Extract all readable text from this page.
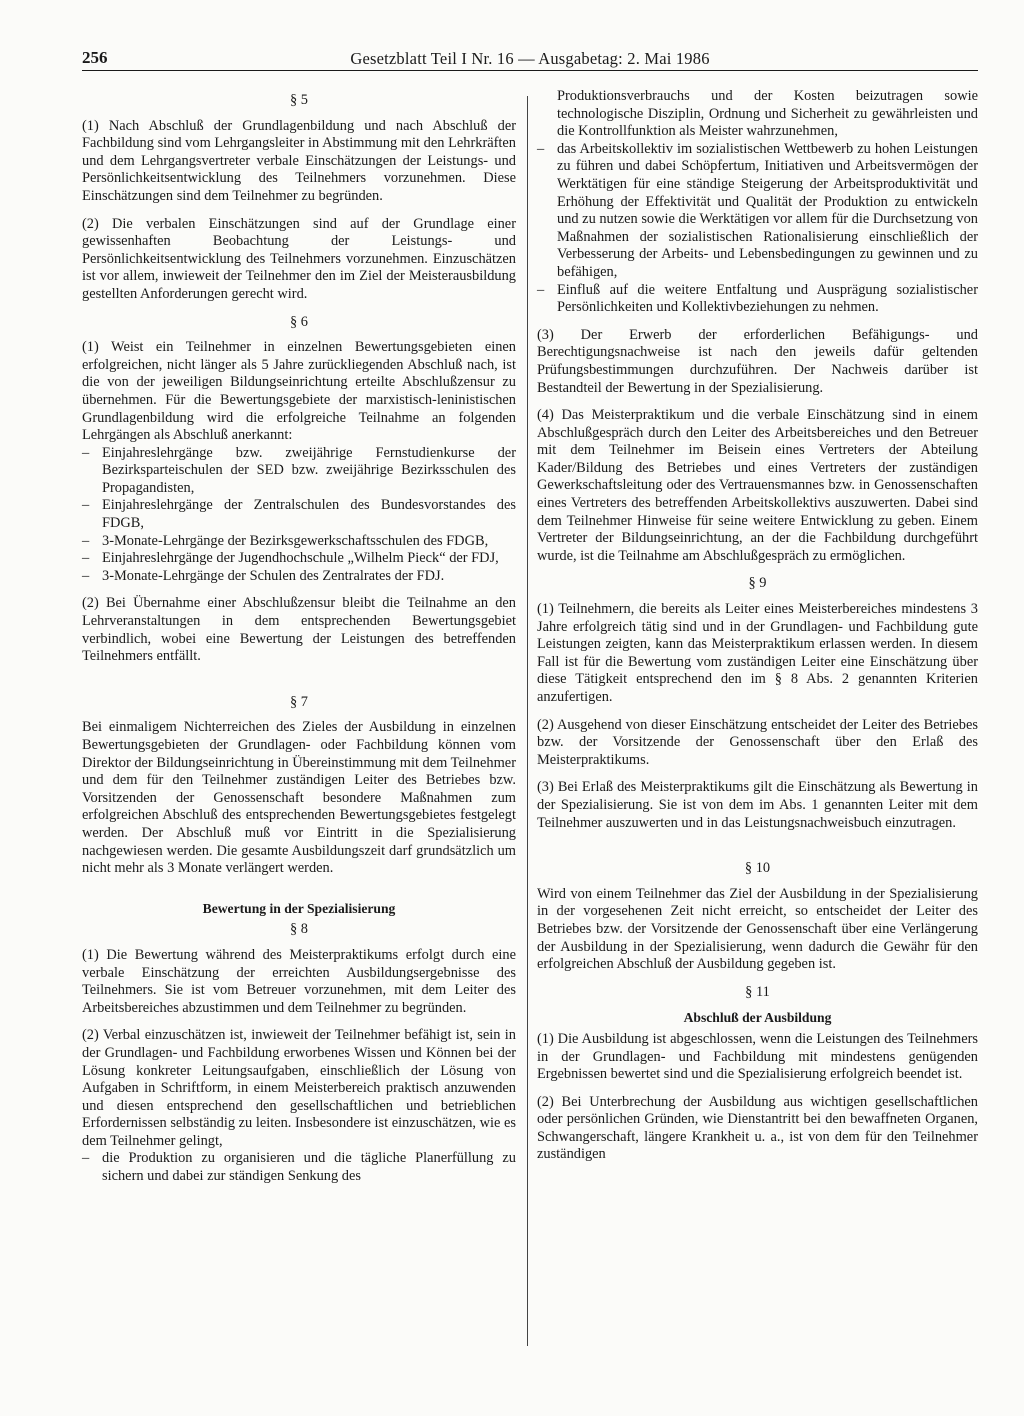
256	Gesetzblatt Teil I Nr. 16 — Ausgabetag: 2. Mai 1986
§ 5

(1) Nach Abschluß der Grundlagenbildung und nach Abschluß der Fachbildung sind vom Lehrgangsleiter in Abstimmung mit den Lehrkräften und dem Lehrgangsvertreter verbale Einschätzungen der Leistungs- und Persönlichkeitsentwicklung des Teilnehmers vorzunehmen. Diese Einschätzungen sind dem Teilnehmer zu begründen.

(2) Die verbalen Einschätzungen sind auf der Grundlage einer gewissenhaften Beobachtung der Leistungs- und Persönlichkeitsentwicklung des Teilnehmers vorzunehmen. Einzuschätzen ist vor allem, inwieweit der Teilnehmer den im Ziel der Meisterausbildung gestellten Anforderungen gerecht wird.

§ 6

(1) Weist ein Teilnehmer in einzelnen Bewertungsgebieten einen erfolgreichen, nicht länger als 5 Jahre zurückliegenden Abschluß nach, ist die von der jeweiligen Bildungseinrichtung erteilte Abschlußzensur zu übernehmen. Für die Bewertungsgebiete der marxistisch-leninistischen Grundlagenbildung wird die erfolgreiche Teilnahme an folgenden Lehrgängen als Abschluß anerkannt:

– Einjahreslehrgänge bzw. zweijährige Fernstudienkurse der Bezirksparteischulen der SED bzw. zweijährige Bezirksschulen des Propagandisten,
– Einjahreslehrgänge der Zentralschulen des Bundesvorstandes des FDGB,
– 3-Monate-Lehrgänge der Bezirksgewerkschaftsschulen des FDGB,
– Einjahreslehrgänge der Jugendhochschule „Wilhelm Pieck“ der FDJ,
– 3-Monate-Lehrgänge der Schulen des Zentralrates der FDJ.

(2) Bei Übernahme einer Abschlußzensur bleibt die Teilnahme an den Lehrveranstaltungen in dem entsprechenden Bewertungsgebiet verbindlich, wobei eine Bewertung der Leistungen des betreffenden Teilnehmers entfällt.

§ 7

Bei einmaligem Nichterreichen des Zieles der Ausbildung in einzelnen Bewertungsgebieten der Grundlagen- oder Fachbildung können vom Direktor der Bildungseinrichtung in Übereinstimmung mit dem Teilnehmer und dem für den Teilnehmer zuständigen Leiter des Betriebes bzw. Vorsitzenden der Genossenschaft besondere Maßnahmen zum erfolgreichen Abschluß des entsprechenden Bewertungsgebietes festgelegt werden. Der Abschluß muß vor Eintritt in die Spezialisierung nachgewiesen werden. Die gesamte Ausbildungszeit darf grundsätzlich um nicht mehr als 3 Monate verlängert werden.

Bewertung in der Spezialisierung
§ 8

(1) Die Bewertung während des Meisterpraktikums erfolgt durch eine verbale Einschätzung der erreichten Ausbildungsergebnisse des Teilnehmers. Sie ist vom Betreuer vorzunehmen, mit dem Leiter des Arbeitsbereiches abzustimmen und dem Teilnehmer zu begründen.

(2) Verbal einzuschätzen ist, inwieweit der Teilnehmer befähigt ist, sein in der Grundlagen- und Fachbildung erworbenes Wissen und Können bei der Lösung konkreter Leitungsaufgaben, einschließlich der Lösung von Aufgaben in Schriftform, in einem Meisterbereich praktisch anzuwenden und diesen entsprechend den gesellschaftlichen und betrieblichen Erfordernissen selbständig zu leiten. Insbesondere ist einzuschätzen, wie es dem Teilnehmer gelingt,

– die Produktion zu organisieren und die tägliche Planerfüllung zu sichern und dabei zur ständigen Senkung des

Produktionsverbrauchs und der Kosten beizutragen sowie technologische Disziplin, Ordnung und Sicherheit zu gewährleisten und die Kontrollfunktion als Meister wahrzunehmen,

– das Arbeitskollektiv im sozialistischen Wettbewerb zu hohen Leistungen zu führen und dabei Schöpfertum, Initiativen und Arbeitsvermögen der Werktätigen für eine ständige Steigerung der Arbeitsproduktivität und Erhöhung der Effektivität und Qualität der Produktion zu entwickeln und zu nutzen sowie die Werktätigen vor allem für die Durchsetzung von Maßnahmen der sozialistischen Rationalisierung einschließlich der Verbesserung der Arbeits- und Lebensbedingungen zu gewinnen und zu befähigen,
– Einfluß auf die weitere Entfaltung und Ausprägung sozialistischer Persönlichkeiten und Kollektivbeziehungen zu nehmen.

(3) Der Erwerb der erforderlichen Befähigungs- und Berechtigungsnachweise ist nach den jeweils dafür geltenden Prüfungsbestimmungen durchzuführen. Der Nachweis darüber ist Bestandteil der Bewertung in der Spezialisierung.

(4) Das Meisterpraktikum und die verbale Einschätzung sind in einem Abschlußgespräch durch den Leiter des Arbeitsbereiches und den Betreuer mit dem Teilnehmer im Beisein eines Vertreters der Abteilung Kader/Bildung des Betriebes und eines Vertreters der zuständigen Gewerkschaftsleitung oder des Vertrauensmannes bzw. in Genossenschaften eines Vertreters des betreffenden Arbeitskollektivs auszuwerten. Dabei sind dem Teilnehmer Hinweise für seine weitere Entwicklung zu geben. Einem Vertreter der Bildungseinrichtung, an der die Fachbildung durchgeführt wurde, ist die Teilnahme am Abschlußgespräch zu ermöglichen.

§ 9

(1) Teilnehmern, die bereits als Leiter eines Meisterbereiches mindestens 3 Jahre erfolgreich tätig sind und in der Grundlagen- und Fachbildung gute Leistungen zeigten, kann das Meisterpraktikum erlassen werden. In diesem Fall ist für die Bewertung vom zuständigen Leiter eine Einschätzung über diese Tätigkeit entsprechend den im § 8 Abs. 2 genannten Kriterien anzufertigen.

(2) Ausgehend von dieser Einschätzung entscheidet der Leiter des Betriebes bzw. der Vorsitzende der Genossenschaft über den Erlaß des Meisterpraktikums.

(3) Bei Erlaß des Meisterpraktikums gilt die Einschätzung als Bewertung in der Spezialisierung. Sie ist von dem im Abs. 1 genannten Leiter mit dem Teilnehmer auszuwerten und in das Leistungsnachweisbuch einzutragen.

§ 10

Wird von einem Teilnehmer das Ziel der Ausbildung in der Spezialisierung in der vorgesehenen Zeit nicht erreicht, so entscheidet der Leiter des Betriebes bzw. der Vorsitzende der Genossenschaft über eine Verlängerung der Ausbildung in der Spezialisierung, wenn dadurch die Gewähr für den erfolgreichen Abschluß der Ausbildung gegeben ist.

§ 11
Abschluß der Ausbildung

(1) Die Ausbildung ist abgeschlossen, wenn die Leistungen des Teilnehmers in der Grundlagen- und Fachbildung mit mindestens genügenden Ergebnissen bewertet sind und die Spezialisierung erfolgreich beendet ist.

(2) Bei Unterbrechung der Ausbildung aus wichtigen gesellschaftlichen oder persönlichen Gründen, wie Dienstantritt bei den bewaffneten Organen, Schwangerschaft, längere Krankheit u. a., ist von dem für den Teilnehmer zuständigen
